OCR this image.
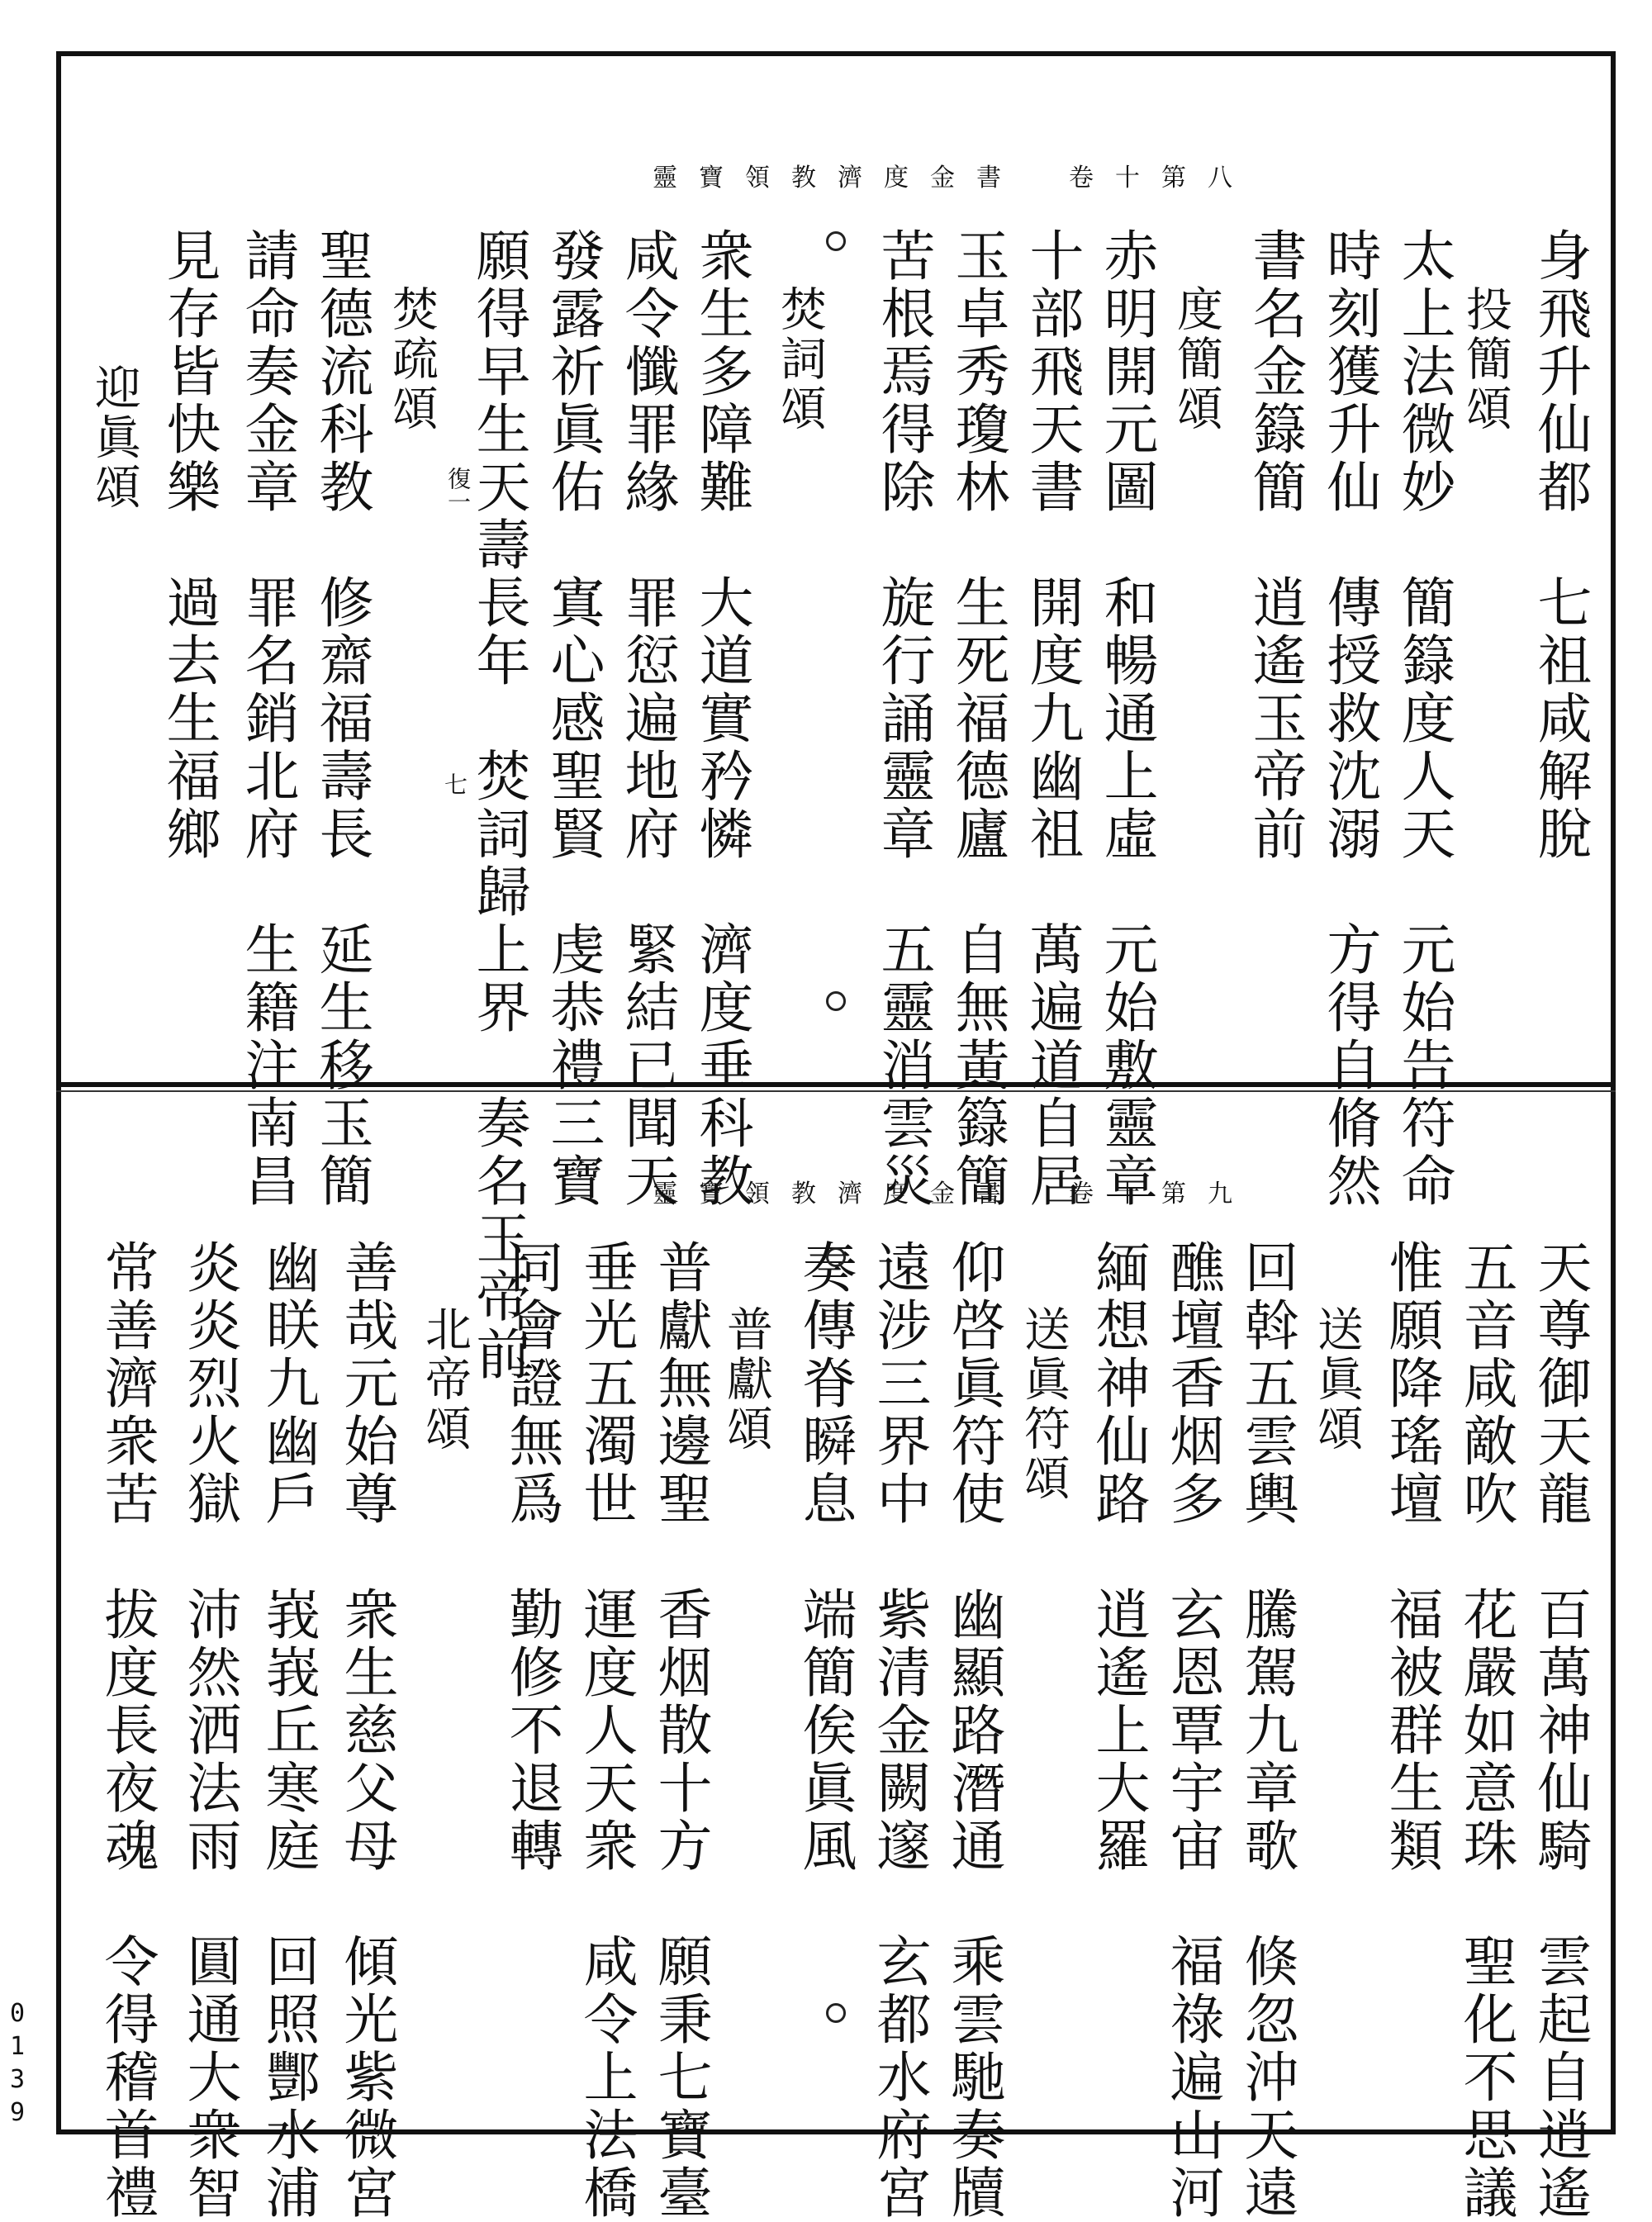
靈寶領教濟度金書　卷十第八
身飛升仙都　七祖咸解脫
投簡頌
太上法微妙　簡籙度人天　元始告符命
時刻獲升仙　傳授救沈溺　方得自脩然
書名金籙簡　逍遙玉帝前
度簡頌
赤明開元圖　和暢通上虛　元始敷靈章
十部飛天書　開度九幽祖　萬遍道自居
玉卓秀瓊林　生死福德廬　自無黃籙簡
苦根焉得除　旋行誦靈章　五靈消雲災
焚詞頌
衆生多障難　大道實矜憐　濟度垂科教
咸令懺罪緣　罪愆遍地府　緊結已聞天
發露祈眞佑　寘心感聖賢　虔恭禮三寶
願得早生天壽長年　焚詞歸上界　奏名玉帝前
焚疏頌
聖德流科教　修齋福壽長　延生移玉簡
請命奏金章　罪名銷北府　生籍注南昌
見存皆快樂　過去生福鄉
迎眞頌	復一
七
靈寶領教濟度金書　卷十第九
天尊御天龍　百萬神仙騎　雲起自逍遙
五音咸敵吹　花嚴如意珠　聖化不思議
惟願降瑤壇　福被群生類
送眞頌
回斡五雲輿　騰駕九章歌　倏忽沖天遠
醮壇香烟多　玄恩覃宇宙　福祿遍山河
緬想神仙路　逍遙上大羅
送眞符頌
仰啓眞符使　幽顯路潛通　乘雲馳奏牘
遠涉三界中　紫清金闕邃　玄都水府宮
奏傳脊瞬息　端簡俟眞風
普獻頌
普獻無邊聖　香烟散十方　願秉七寶臺
垂光五濁世　運度人天衆　咸令上法橋
同會證無爲　勤修不退轉
北帝頌
善哉元始尊　衆生慈父母　傾光紫微宮
幽眹九幽戶　峩峩丘寒庭　回照酆水浦
炎炎烈火獄　沛然洒法雨　圓通大衆智
常善濟衆苦　拔度長夜魂　令得稽首禮
0
1
3
9
